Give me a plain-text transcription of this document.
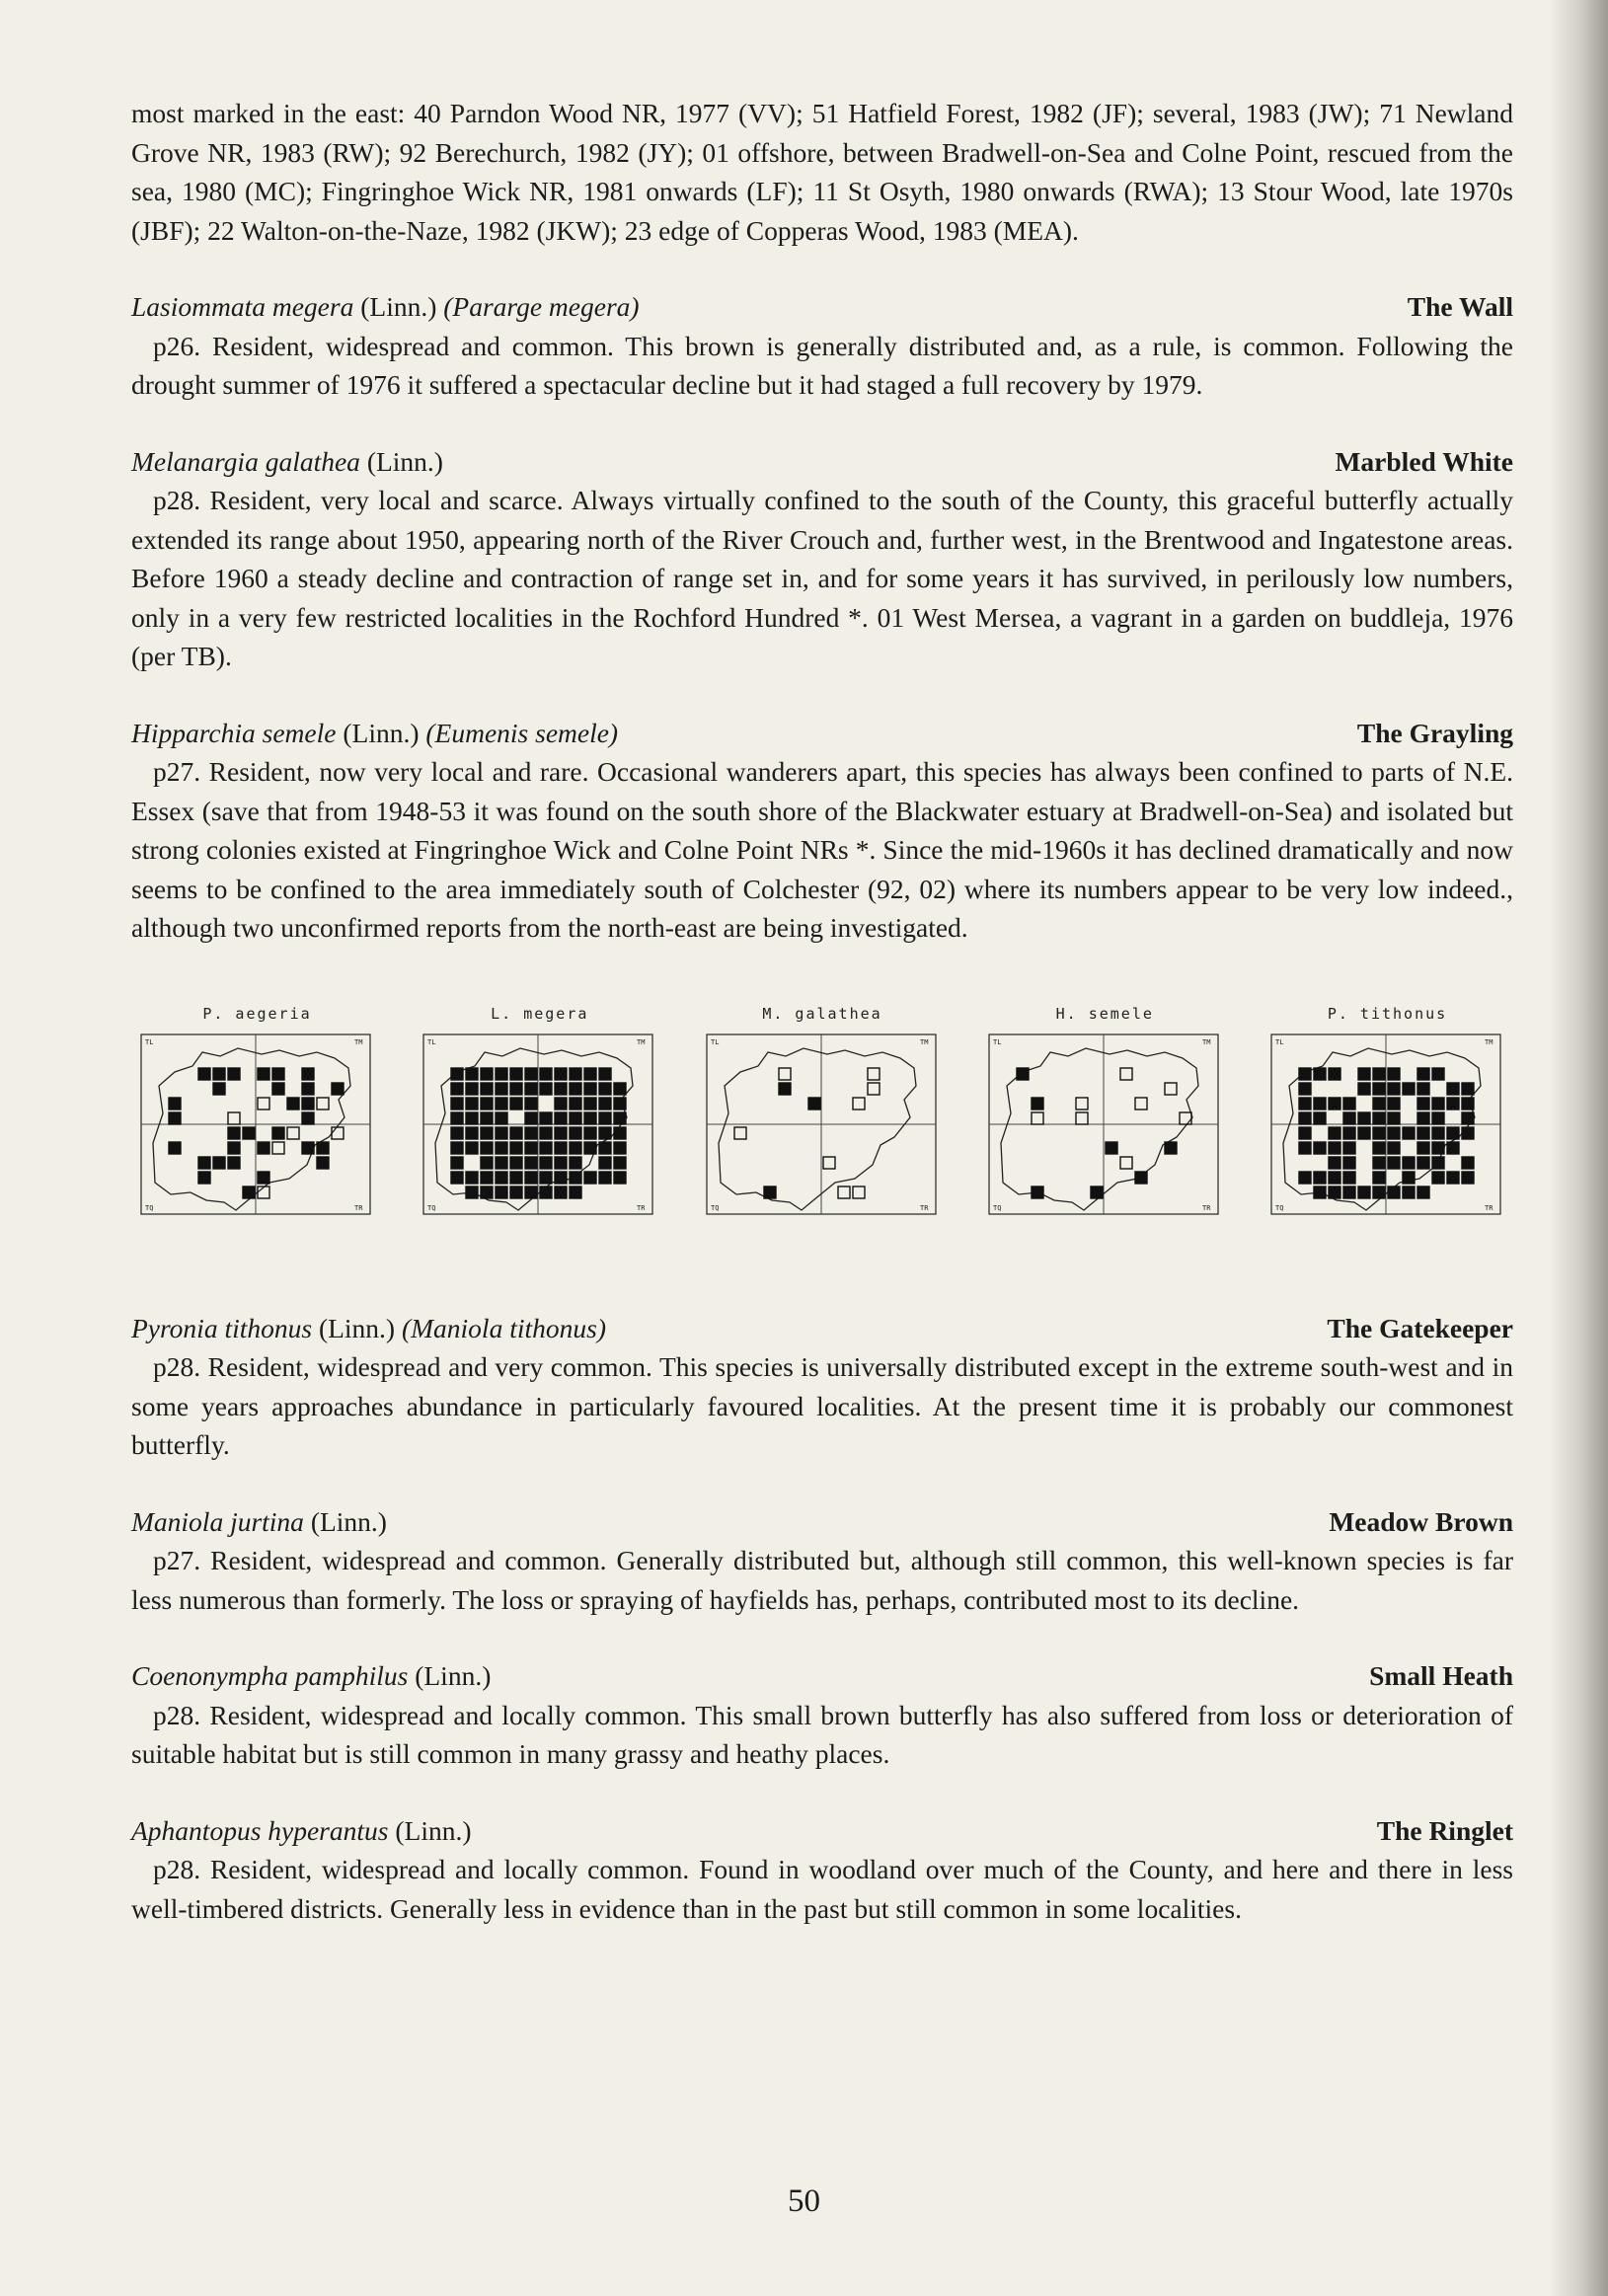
most marked in the east: 40 Parndon Wood NR, 1977 (VV); 51 Hatfield Forest, 1982 (JF); several, 1983 (JW); 71 Newland Grove NR, 1983 (RW); 92 Berechurch, 1982 (JY); 01 offshore, between Bradwell-on-Sea and Colne Point, rescued from the sea, 1980 (MC); Fingringhoe Wick NR, 1981 onwards (LF); 11 St Osyth, 1980 onwards (RWA); 13 Stour Wood, late 1970s (JBF); 22 Walton-on-the-Naze, 1982 (JKW); 23 edge of Copperas Wood, 1983 (MEA).

Lasiommata megera (Linn.) (Pararge megera)	The Wall

p26. Resident, widespread and common. This brown is generally distributed and, as a rule, is common. Following the drought summer of 1976 it suffered a spectacular decline but it had staged a full recovery by 1979.

Melanargia galathea (Linn.)	Marbled White

p28. Resident, very local and scarce. Always virtually confined to the south of the County, this graceful butterfly actually extended its range about 1950, appearing north of the River Crouch and, further west, in the Brentwood and Ingatestone areas. Before 1960 a steady decline and contraction of range set in, and for some years it has survived, in perilously low numbers, only in a very few restricted localities in the Rochford Hundred *. 01 West Mersea, a vagrant in a garden on buddleja, 1976 (per TB).

Hipparchia semele (Linn.) (Eumenis semele)	The Grayling

p27. Resident, now very local and rare. Occasional wanderers apart, this species has always been confined to parts of N.E. Essex (save that from 1948-53 it was found on the south shore of the Blackwater estuary at Bradwell-on-Sea) and isolated but strong colonies existed at Fingringhoe Wick and Colne Point NRs *. Since the mid-1960s it has declined dramatically and now seems to be confined to the area immediately south of Colchester (92, 02) where its numbers appear to be very low indeed., although two unconfirmed reports from the north-east are being investigated.

P. aegeria
TL	TM
TQ	TR
L. megera
TL	TM
TQ	TR
M. galathea
TL	TM
TQ	TR
H. semele
TL	TM
TQ	TR
P. tithonus
TL	TM
TQ	TR
Pyronia tithonus (Linn.) (Maniola tithonus)	The Gatekeeper

p28. Resident, widespread and very common. This species is universally distributed except in the extreme south-west and in some years approaches abundance in particularly favoured localities. At the present time it is probably our commonest butterfly.

Maniola jurtina (Linn.)	Meadow Brown

p27. Resident, widespread and common. Generally distributed but, although still common, this well-known species is far less numerous than formerly. The loss or spraying of hayfields has, perhaps, contributed most to its decline.

Coenonympha pamphilus (Linn.)	Small Heath

p28. Resident, widespread and locally common. This small brown butterfly has also suffered from loss or deterioration of suitable habitat but is still common in many grassy and heathy places.

Aphantopus hyperantus (Linn.)	The Ringlet

p28. Resident, widespread and locally common. Found in woodland over much of the County, and here and there in less well-timbered districts. Generally less in evidence than in the past but still common in some localities.

50
